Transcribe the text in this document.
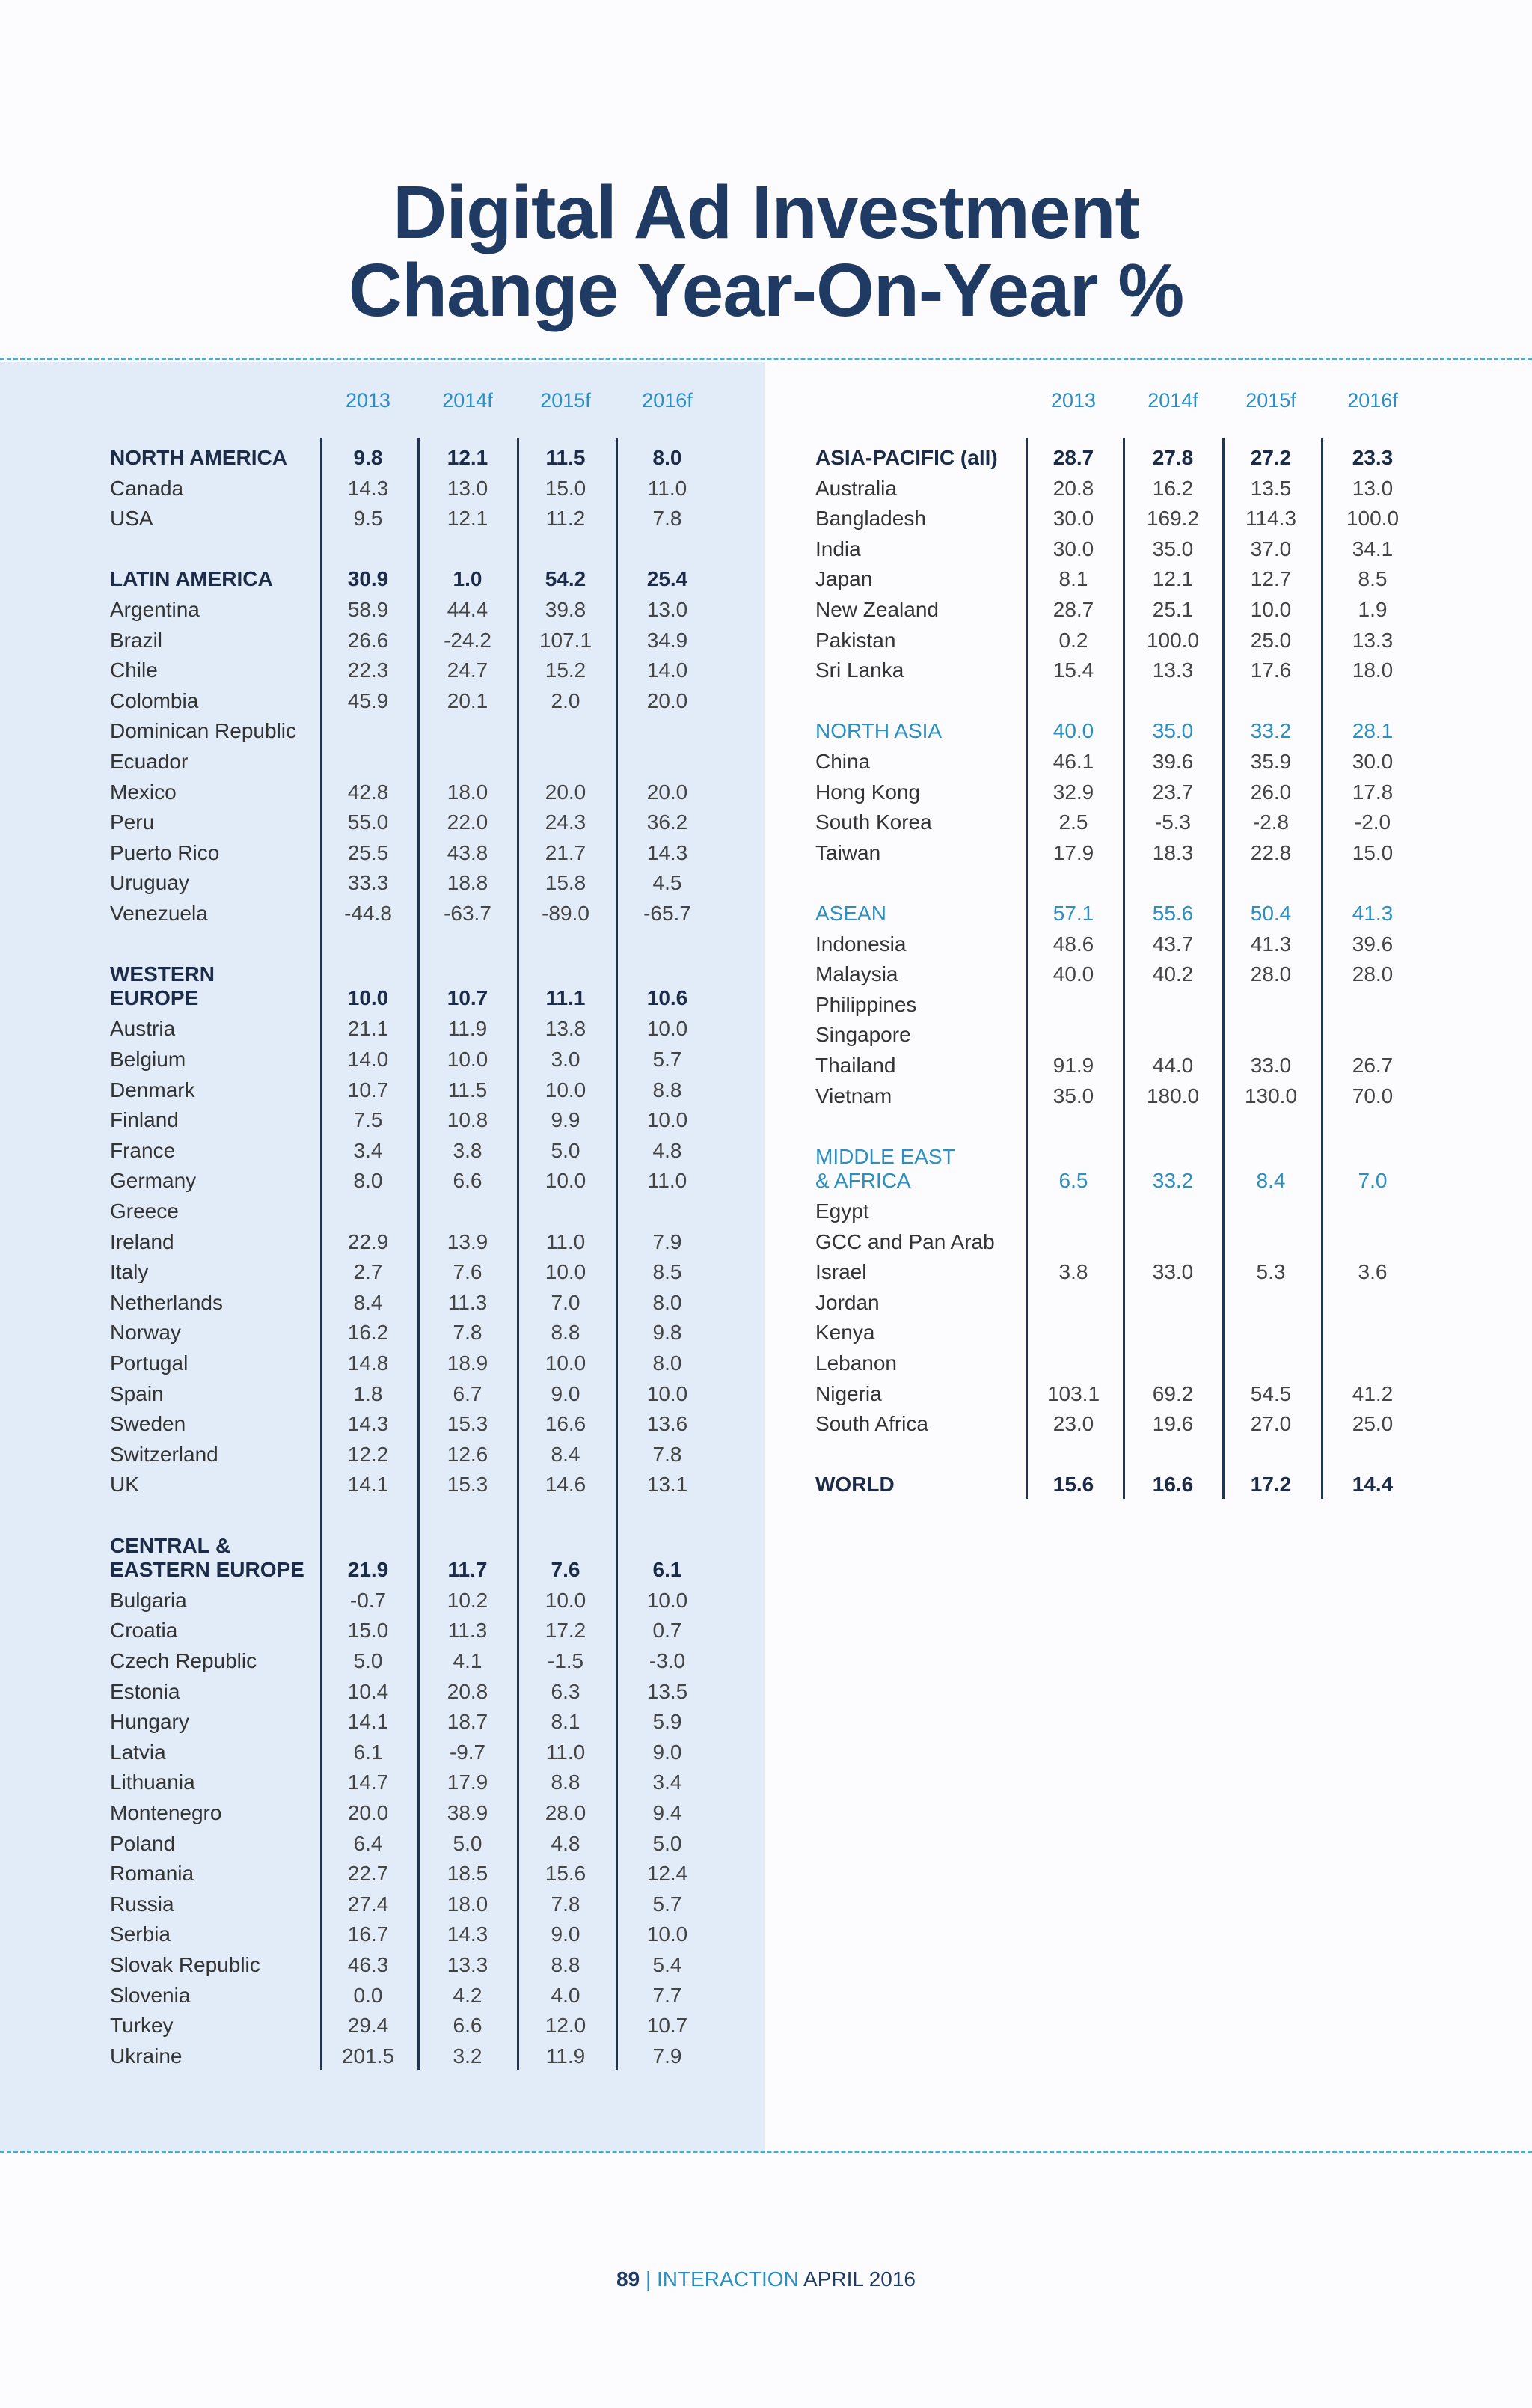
Digital Ad Investment
Change Year-On-Year %
2013	2014f	2015f	2016f
NORTH AMERICA	9.8	12.1	11.5	8.0
Canada	14.3	13.0	15.0	11.0
USA	9.5	12.1	11.2	7.8
LATIN AMERICA	30.9	1.0	54.2	25.4
Argentina	58.9	44.4	39.8	13.0
Brazil	26.6	-24.2	107.1	34.9
Chile	22.3	24.7	15.2	14.0
Colombia	45.9	20.1	2.0	20.0
Dominican Republic
Ecuador
Mexico	42.8	18.0	20.0	20.0
Peru	55.0	22.0	24.3	36.2
Puerto Rico	25.5	43.8	21.7	14.3
Uruguay	33.3	18.8	15.8	4.5
Venezuela	-44.8	-63.7	-89.0	-65.7
WESTERN
EUROPE	10.0	10.7	11.1	10.6
Austria	21.1	11.9	13.8	10.0
Belgium	14.0	10.0	3.0	5.7
Denmark	10.7	11.5	10.0	8.8
Finland	7.5	10.8	9.9	10.0
France	3.4	3.8	5.0	4.8
Germany	8.0	6.6	10.0	11.0
Greece
Ireland	22.9	13.9	11.0	7.9
Italy	2.7	7.6	10.0	8.5
Netherlands	8.4	11.3	7.0	8.0
Norway	16.2	7.8	8.8	9.8
Portugal	14.8	18.9	10.0	8.0
Spain	1.8	6.7	9.0	10.0
Sweden	14.3	15.3	16.6	13.6
Switzerland	12.2	12.6	8.4	7.8
UK	14.1	15.3	14.6	13.1
CENTRAL &
EASTERN EUROPE	21.9	11.7	7.6	6.1
Bulgaria	-0.7	10.2	10.0	10.0
Croatia	15.0	11.3	17.2	0.7
Czech Republic	5.0	4.1	-1.5	-3.0
Estonia	10.4	20.8	6.3	13.5
Hungary	14.1	18.7	8.1	5.9
Latvia	6.1	-9.7	11.0	9.0
Lithuania	14.7	17.9	8.8	3.4
Montenegro	20.0	38.9	28.0	9.4
Poland	6.4	5.0	4.8	5.0
Romania	22.7	18.5	15.6	12.4
Russia	27.4	18.0	7.8	5.7
Serbia	16.7	14.3	9.0	10.0
Slovak Republic	46.3	13.3	8.8	5.4
Slovenia	0.0	4.2	4.0	7.7
Turkey	29.4	6.6	12.0	10.7
Ukraine	201.5	3.2	11.9	7.9
2013	2014f	2015f	2016f
ASIA-PACIFIC (all)	28.7	27.8	27.2	23.3
Australia	20.8	16.2	13.5	13.0
Bangladesh	30.0	169.2	114.3	100.0
India	30.0	35.0	37.0	34.1
Japan	8.1	12.1	12.7	8.5
New Zealand	28.7	25.1	10.0	1.9
Pakistan	0.2	100.0	25.0	13.3
Sri Lanka	15.4	13.3	17.6	18.0
NORTH ASIA	40.0	35.0	33.2	28.1
China	46.1	39.6	35.9	30.0
Hong Kong	32.9	23.7	26.0	17.8
South Korea	2.5	-5.3	-2.8	-2.0
Taiwan	17.9	18.3	22.8	15.0
ASEAN	57.1	55.6	50.4	41.3
Indonesia	48.6	43.7	41.3	39.6
Malaysia	40.0	40.2	28.0	28.0
Philippines
Singapore
Thailand	91.9	44.0	33.0	26.7
Vietnam	35.0	180.0	130.0	70.0
MIDDLE EAST
& AFRICA	6.5	33.2	8.4	7.0
Egypt
GCC and Pan Arab
Israel	3.8	33.0	5.3	3.6
Jordan
Kenya
Lebanon
Nigeria	103.1	69.2	54.5	41.2
South Africa	23.0	19.6	27.0	25.0
WORLD	15.6	16.6	17.2	14.4
89 | INTERACTION APRIL 2016
